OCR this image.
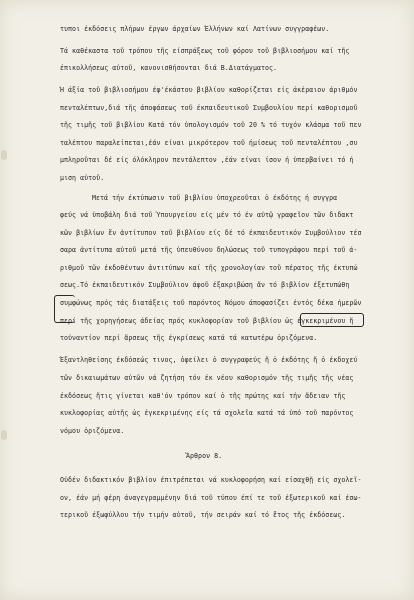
τυποι έκδόσεις πλήρων έργων άρχαίων Έλλήνων καί Λατίνων συγγραφέων.
Τά καθέκαστα τοῦ τρόπου τῆς είσπράξεως τοῦ φόρου τοῦ βιβλιοσήμου καί τῆς
έπικολλήσεως αὐτοῦ, κανονισθήσονται διά Β.Διατάγματος.
Ή άξία τοῦ βιβλιοσήμου έφ'έκάστου βιβλίου καθορίζεται είς άκέραιον άριθμόν
πενταλέπτων,διά τῆς άποφάσεως τοῦ έκπαιδευτικοῦ Συμβουλίου περί καθορισμοῦ
τῆς τιμῆς τοῦ βιβλίου Κατά τόν ὑπολογισμόν τοῦ 20 % τό τυχόν κλάσμα τοῦ πεν
ταλέπτου παραλείπεται,έάν είναι μικρότερον τοῦ ήμίσεως τοῦ πενταλέπτου ,συ
μπληροῦται δέ είς όλόκληρον πεντάλεπτον ,έάν είναι ίσον ή ὑπερβαίνει τό ή
μιση αὐτοῦ.
Μετά τήν έκτύπωσιν τοῦ βιβλίου ὑποχρεοῦται ὁ έκδότης ή συγγρα
φεύς νά ὑποβάλη διά τοῦ Ὑπουργείου είς μέν τό έν αὐτῷ γραφεῖον τῶν διδακτ
κῶν βιβλίων ἕν ἀντίτυπον τοῦ βιβλίου είς δέ τό έκπαιδευτικόν Συμβούλιον τέσ
σαρα ἀντίτυπα αὐτοῦ μετά τῆς ὑπευθύνου δηλώσεως τοῦ τυπογράφου περί τοῦ ά-
ριθμοῦ τῶν έκδοθέντων ἀντιτύπων καί τῆς χρονολογίαν τοῦ πέρατος τῆς έκτυπώ
σεως.Τό έκπαιδευτικόν Συμβούλιον άφοῦ έξακριβώση ἄν τό βιβλίον έξετυπώθη
συμφώνως πρός τάς διατάξεις τοῦ παρόντος Νόμου άποφασίζει έντός δέκα ήμερῶν
περί τῆς χορηγήσεως άδείας πρός κυκλοφορίαν τοῦ βιβλίου ὡς έγκεκριμένου ἤ
τοὐναντίον περί ἄρσεως τῆς έγκρίσεως κατά τά κατωτέρω ὁριζόμενα.
Έξαντληθείσης έκδόσεώς τινος, ὀφείλει ὁ συγγραφεύς ἤ ὁ έκδότης ἤ ὁ έκδοχεύ
τῶν δικαιωμάτων αὐτῶν νά ζητήση τόν έκ νέου καθορισμόν τῆς τιμῆς τῆς νέας
έκδόσεως ἥτις γίνεται καθ'όν τρόπον καί ὁ τῆς πρώτης καί τήν ἄδειαν τῆς
κυκλοφορίας αὐτῆς ὡς έγκεκριμένης είς τά σχολεῖα κατά τά ὑπό τοῦ παρόντος
νόμου ὁριζόμενα.
Ἄρθρον 8.
Οὐδέν διδακτικόν βιβλίον έπιτρέπεται νά κυκλοφορήση καί είσαχθῇ είς σχολεῖ-
ον, έάν μή φέρη άναγεγραμμένην διά τοῦ τύπου έπί τε τοῦ έξωτερικοῦ καί έσω-
τερικοῦ έξωφύλλου τήν τιμήν αὐτοῦ, τήν σειράν καί τό ἔτος τῆς έκδόσεως.
